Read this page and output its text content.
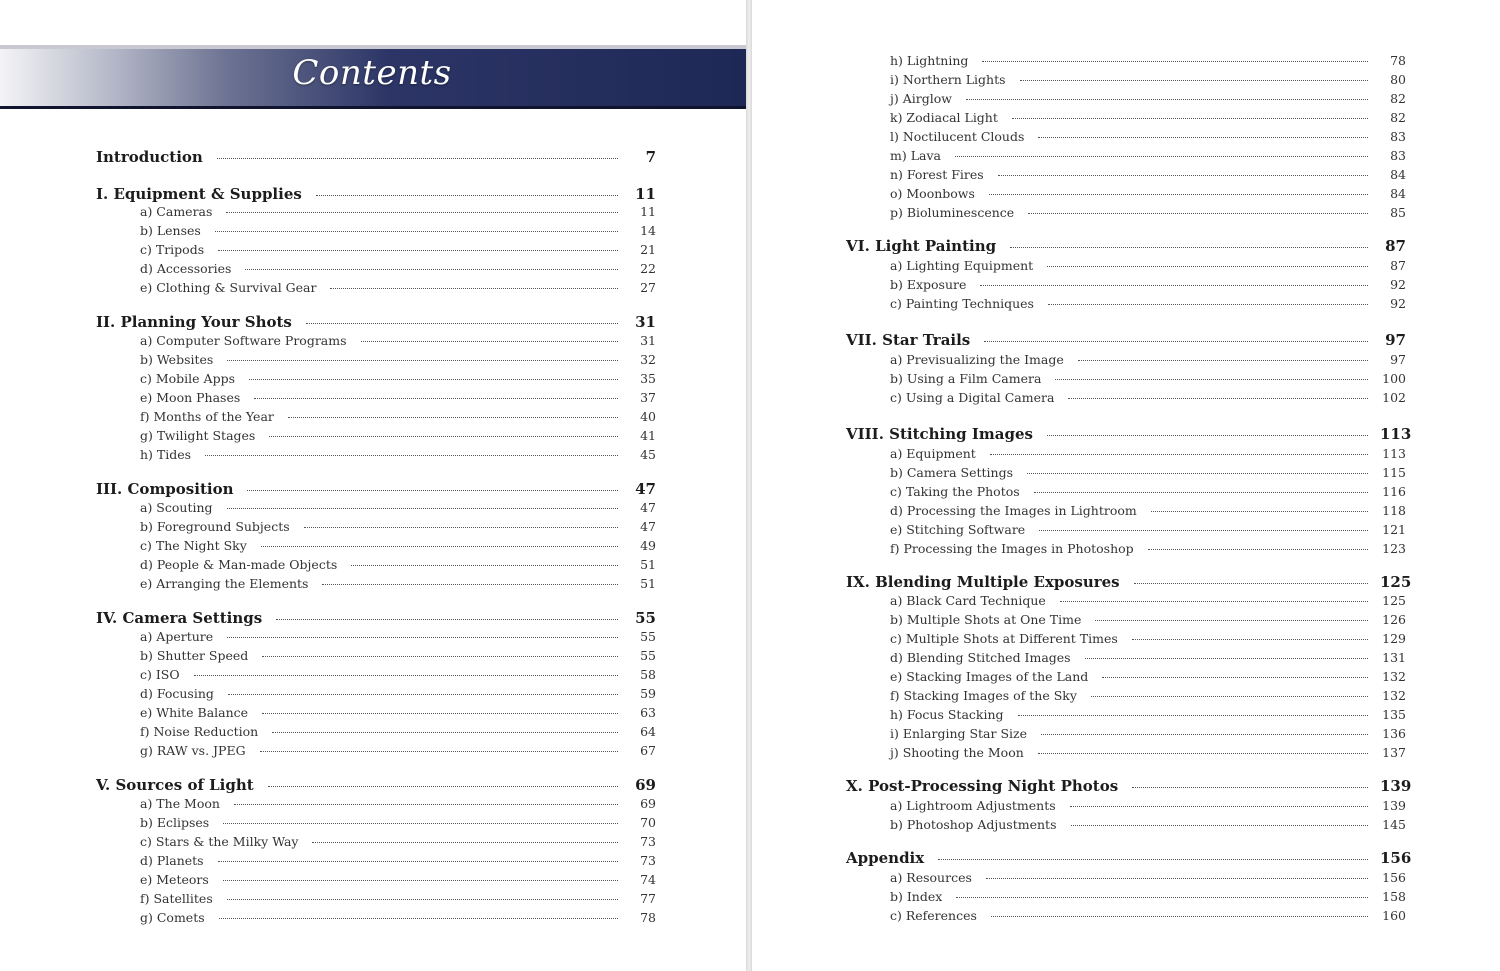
Contents
Introduction	7
I. Equipment & Supplies	11
a) Cameras	11
b) Lenses	14
c) Tripods	21
d) Accessories	22
e) Clothing & Survival Gear	27
II. Planning Your Shots	31
a) Computer Software Programs	31
b) Websites	32
c) Mobile Apps	35
e) Moon Phases	37
f) Months of the Year	40
g) Twilight Stages	41
h) Tides	45
III. Composition	47
a) Scouting	47
b) Foreground Subjects	47
c) The Night Sky	49
d) People & Man-made Objects	51
e) Arranging the Elements	51
IV. Camera Settings	55
a) Aperture	55
b) Shutter Speed	55
c) ISO	58
d) Focusing	59
e) White Balance	63
f) Noise Reduction	64
g) RAW vs. JPEG	67
V. Sources of Light	69
a) The Moon	69
b) Eclipses	70
c) Stars & the Milky Way	73
d) Planets	73
e) Meteors	74
f) Satellites	77
g) Comets	78
h) Lightning	78
i) Northern Lights	80
j) Airglow	82
k) Zodiacal Light	82
l) Noctilucent Clouds	83
m) Lava	83
n) Forest Fires	84
o) Moonbows	84
p) Bioluminescence	85
VI. Light Painting	87
a) Lighting Equipment	87
b) Exposure	92
c) Painting Techniques	92
VII. Star Trails	97
a) Previsualizing the Image	97
b) Using a Film Camera	100
c) Using a Digital Camera	102
VIII. Stitching Images	113
a) Equipment	113
b) Camera Settings	115
c) Taking the Photos	116
d) Processing the Images in Lightroom	118
e) Stitching Software	121
f) Processing the Images in Photoshop	123
IX. Blending Multiple Exposures	125
a) Black Card Technique	125
b) Multiple Shots at One Time	126
c) Multiple Shots at Different Times	129
d) Blending Stitched Images	131
e) Stacking Images of the Land	132
f) Stacking Images of the Sky	132
h) Focus Stacking	135
i) Enlarging Star Size	136
j) Shooting the Moon	137
X. Post-Processing Night Photos	139
a) Lightroom Adjustments	139
b) Photoshop Adjustments	145
Appendix	156
a) Resources	156
b) Index	158
c) References	160
